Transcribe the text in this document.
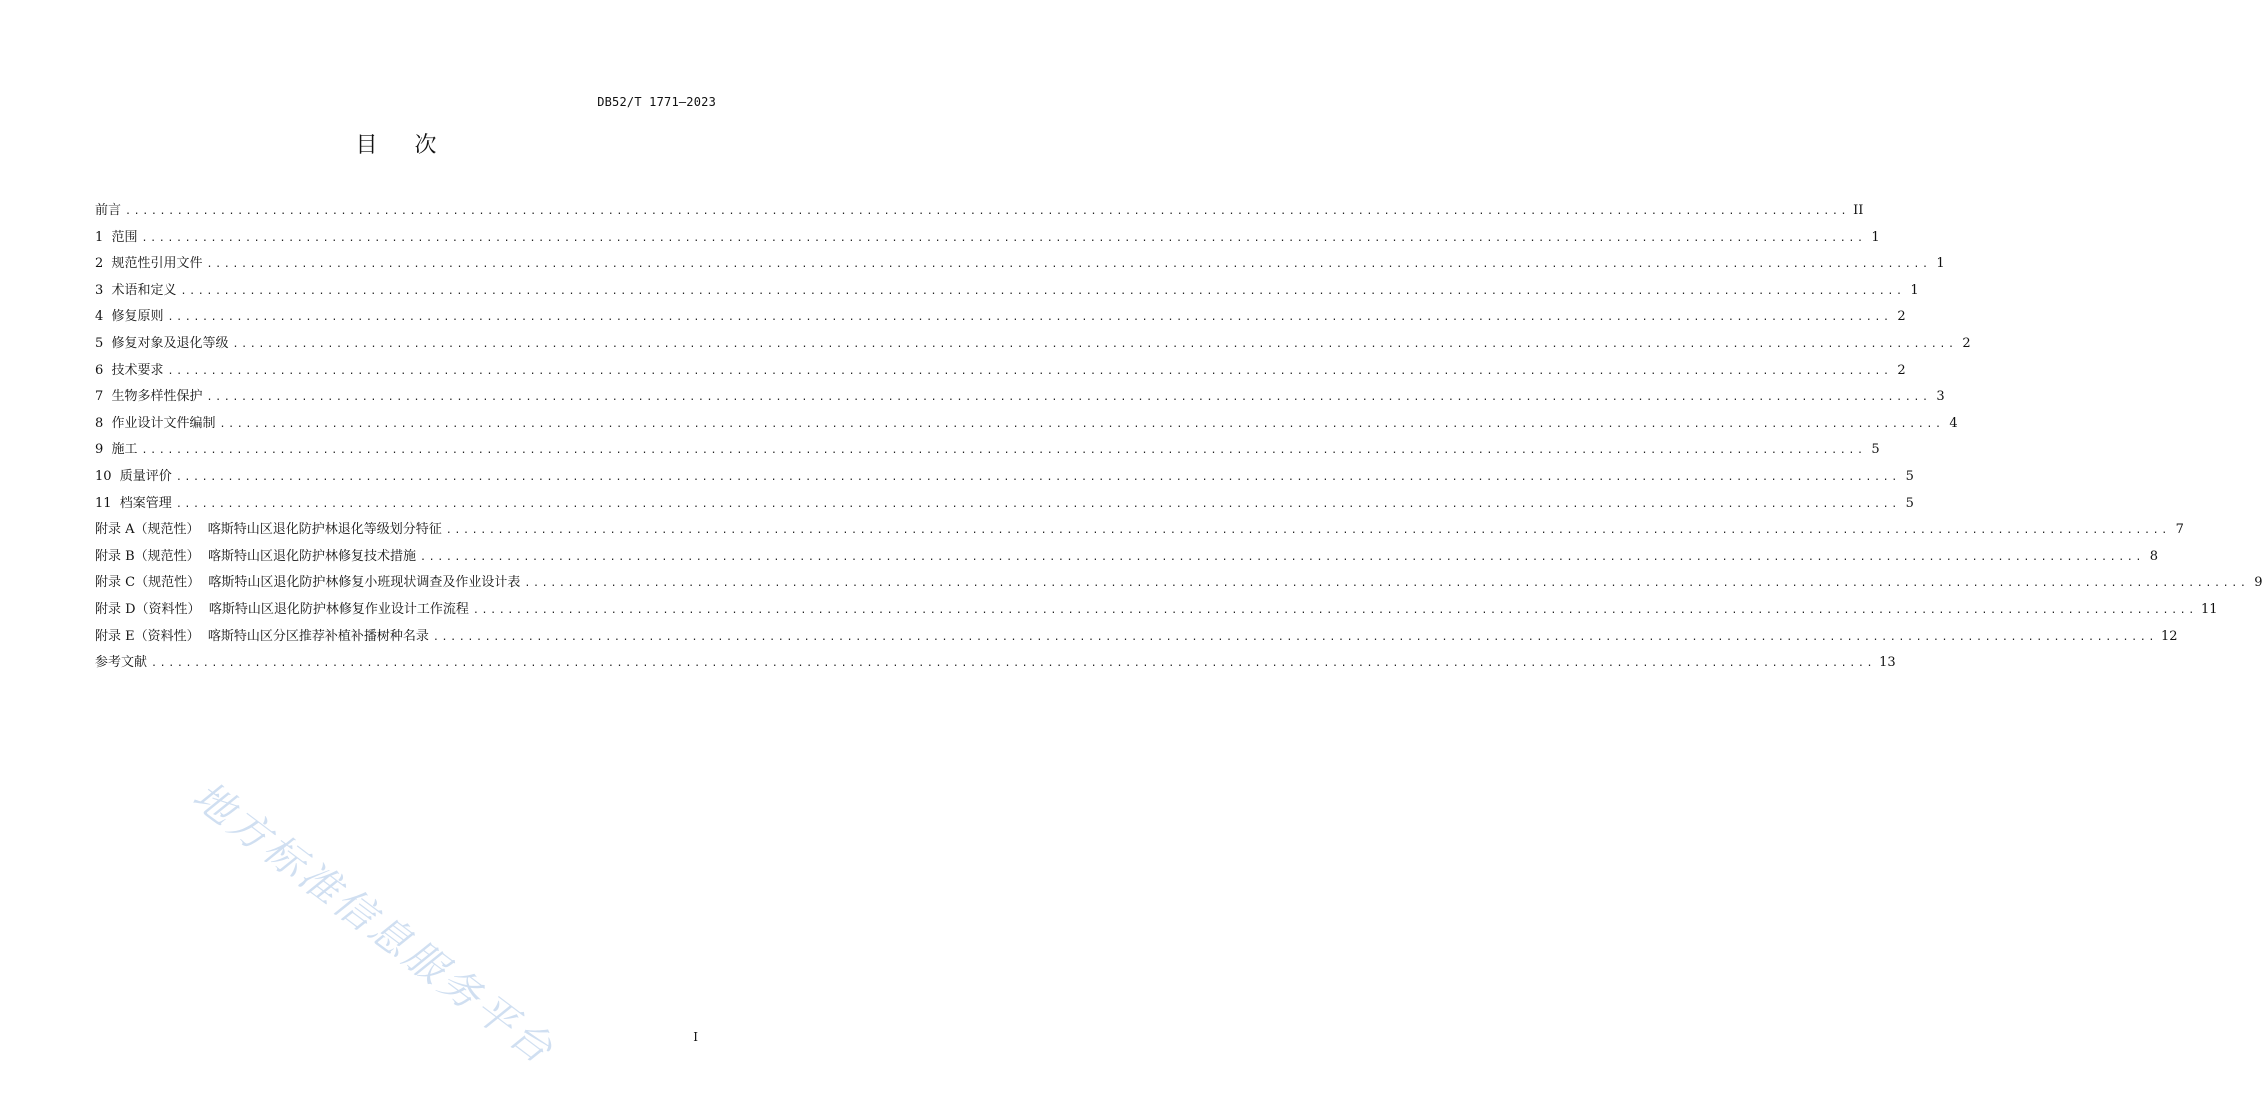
DB52/T 1771—2023
目 次
前言 ........................................................................................................................................................................................................ II
1  范围 ........................................................................................................................................................................................................ 1
2  规范性引用文件 ........................................................................................................................................................................................................ 1
3  术语和定义 ........................................................................................................................................................................................................ 1
4  修复原则 ........................................................................................................................................................................................................ 2
5  修复对象及退化等级 ........................................................................................................................................................................................................ 2
6  技术要求 ........................................................................................................................................................................................................ 2
7  生物多样性保护 ........................................................................................................................................................................................................ 3
8  作业设计文件编制 ........................................................................................................................................................................................................ 4
9  施工 ........................................................................................................................................................................................................ 5
10  质量评价 ........................................................................................................................................................................................................ 5
11  档案管理 ........................................................................................................................................................................................................ 5
附录 A（规范性）  喀斯特山区退化防护林退化等级划分特征 ........................................................................................................................................................................................................ 7
附录 B（规范性）  喀斯特山区退化防护林修复技术措施 ........................................................................................................................................................................................................ 8
附录 C（规范性）  喀斯特山区退化防护林修复小班现状调查及作业设计表 ........................................................................................................................................................................................................ 9
附录 D（资料性）  喀斯特山区退化防护林修复作业设计工作流程 ........................................................................................................................................................................................................ 11
附录 E（资料性）  喀斯特山区分区推荐补植补播树种名录 ........................................................................................................................................................................................................ 12
参考文献 ........................................................................................................................................................................................................ 13
地方标准信息服务平台	I
